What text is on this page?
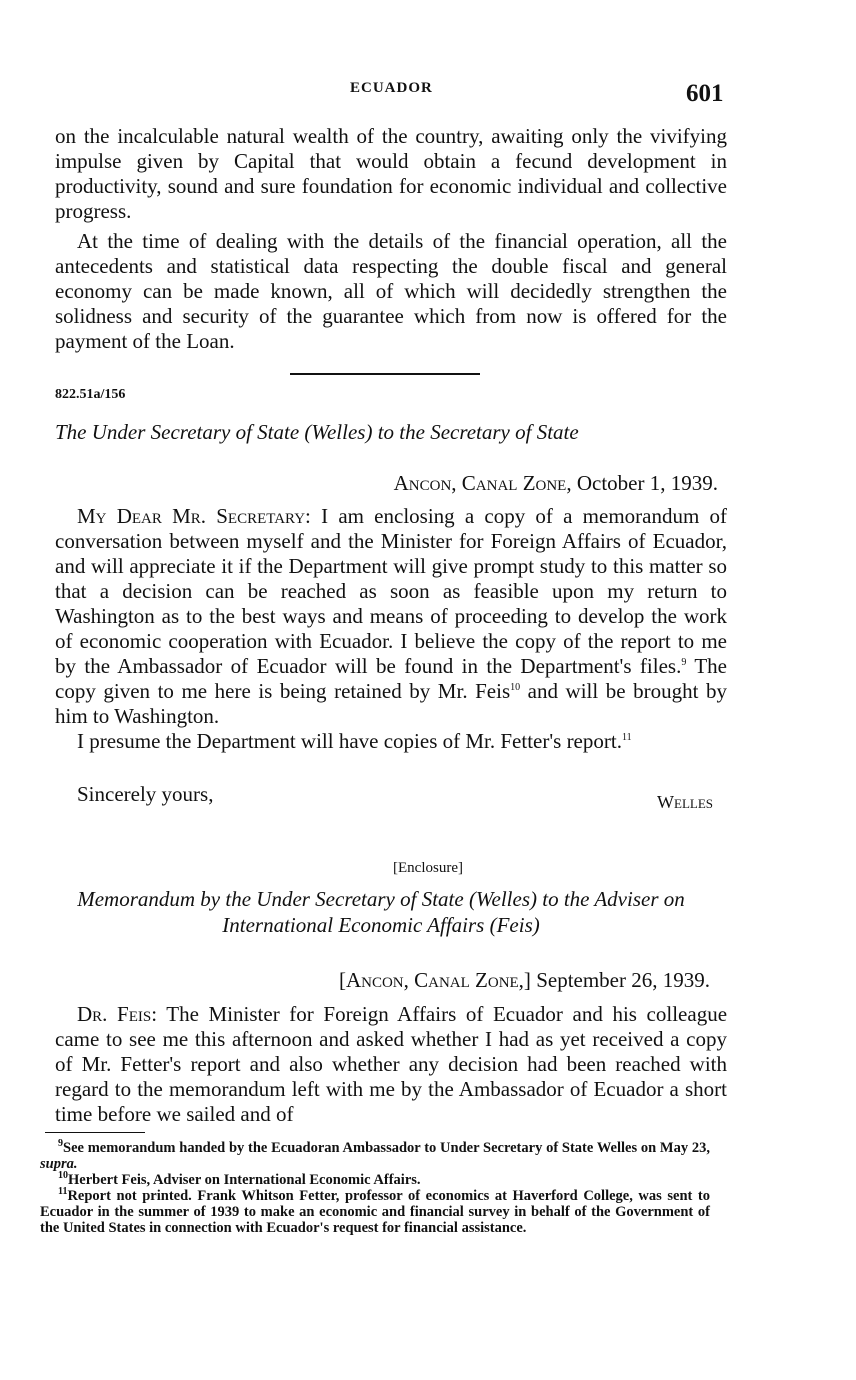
ECUADOR	601

on the incalculable natural wealth of the country, awaiting only the vivifying impulse given by Capital that would obtain a fecund development in productivity, sound and sure foundation for economic individual and collective progress.

At the time of dealing with the details of the financial operation, all the antecedents and statistical data respecting the double fiscal and general economy can be made known, all of which will decidedly strengthen the solidness and security of the guarantee which from now is offered for the payment of the Loan.

822.51a/156
The Under Secretary of State (Welles) to the Secretary of State
Ancon, Canal Zone, October 1, 1939.

My Dear Mr. Secretary: I am enclosing a copy of a memorandum of conversation between myself and the Minister for Foreign Affairs of Ecuador, and will appreciate it if the Department will give prompt study to this matter so that a decision can be reached as soon as feasible upon my return to Washington as to the best ways and means of proceeding to develop the work of economic cooperation with Ecuador. I believe the copy of the report to me by the Ambassador of Ecuador will be found in the Department's files.$^9$ The copy given to me here is being retained by Mr. Feis$^{10}$ and will be brought by him to Washington.

I presume the Department will have copies of Mr. Fetter's report.$^{11}$

Sincerely yours,	Welles
[Enclosure]
Memorandum by the Under Secretary of State (Welles) to the Adviser on International Economic Affairs (Feis)
[Ancon, Canal Zone,] September 26, 1939.

Dr. Feis: The Minister for Foreign Affairs of Ecuador and his colleague came to see me this afternoon and asked whether I had as yet received a copy of Mr. Fetter's report and also whether any decision had been reached with regard to the memorandum left with me by the Ambassador of Ecuador a short time before we sailed and of

$^9$See memorandum handed by the Ecuadoran Ambassador to Under Secretary of State Welles on May 23, supra.

$^{10}$Herbert Feis, Adviser on International Economic Affairs.

$^{11}$Report not printed. Frank Whitson Fetter, professor of economics at Haverford College, was sent to Ecuador in the summer of 1939 to make an economic and financial survey in behalf of the Government of the United States in connection with Ecuador's request for financial assistance.
